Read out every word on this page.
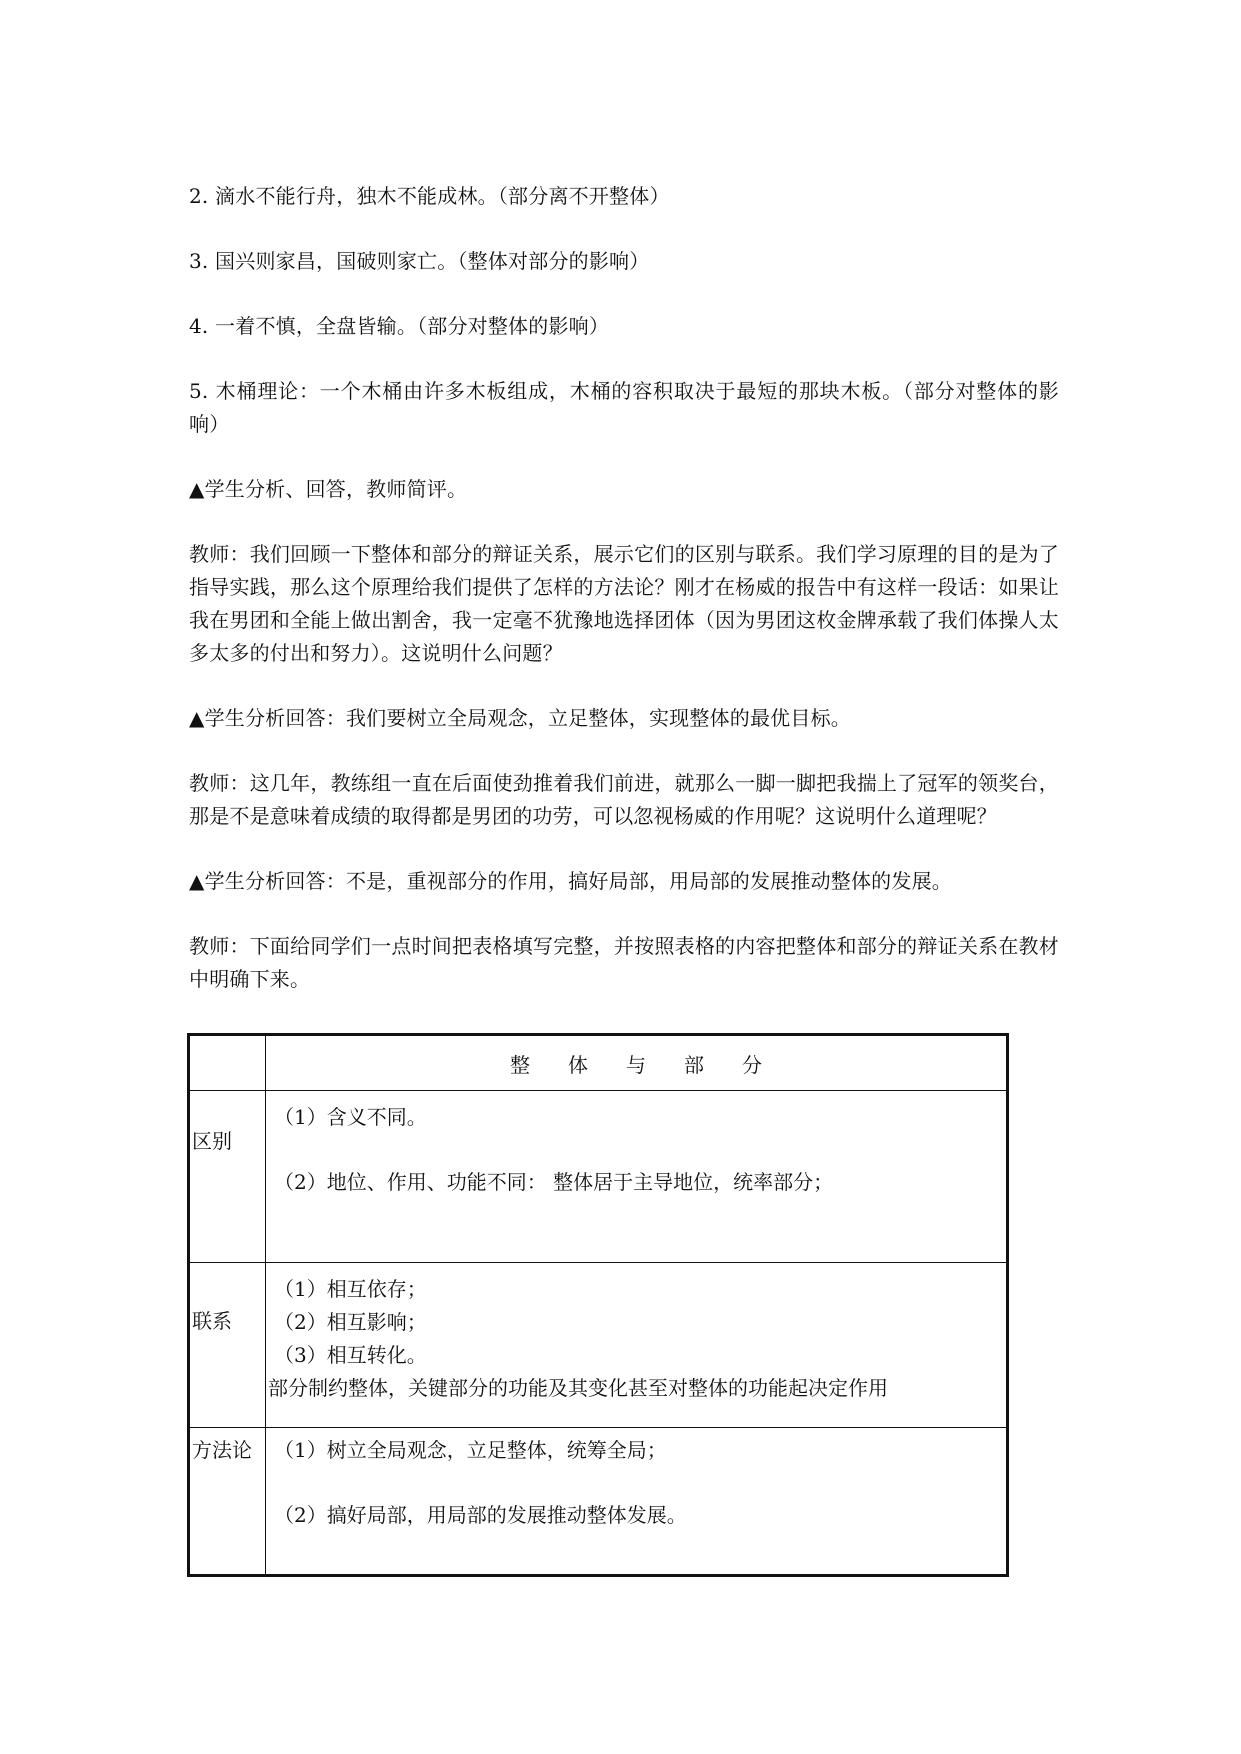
2. 滴水不能行舟，独木不能成林。（部分离不开整体）

3. 国兴则家昌，国破则家亡。（整体对部分的影响）

4. 一着不慎，全盘皆输。（部分对整体的影响）

5. 木桶理论：一个木桶由许多木板组成，木桶的容积取决于最短的那块木板。（部分对整体的影响）

▲学生分析、回答，教师简评。

教师：我们回顾一下整体和部分的辩证关系，展示它们的区别与联系。我们学习原理的目的是为了指导实践，那么这个原理给我们提供了怎样的方法论？刚才在杨威的报告中有这样一段话：如果让我在男团和全能上做出割舍，我一定毫不犹豫地选择团体（因为男团这枚金牌承载了我们体操人太多太多的付出和努力）。这说明什么问题？

▲学生分析回答：我们要树立全局观念，立足整体，实现整体的最优目标。

教师：这几年，教练组一直在后面使劲推着我们前进，就那么一脚一脚把我揣上了冠军的领奖台，那是不是意味着成绩的取得都是男团的功劳，可以忽视杨威的作用呢？这说明什么道理呢？

▲学生分析回答：不是，重视部分的作用，搞好局部，用局部的发展推动整体的发展。

教师：下面给同学们一点时间把表格填写完整，并按照表格的内容把整体和部分的辩证关系在教材中明确下来。

	整体与部分

区别	（1）含义不同。

（2）地位、作用、功能不同： 整体居于主导地位，统率部分；

联系	（1）相互依存；

（2）相互影响；

（3）相互转化。

部分制约整体，关键部分的功能及其变化甚至对整体的功能起决定作用

方法论	（1）树立全局观念，立足整体，统筹全局；

（2）搞好局部，用局部的发展推动整体发展。
